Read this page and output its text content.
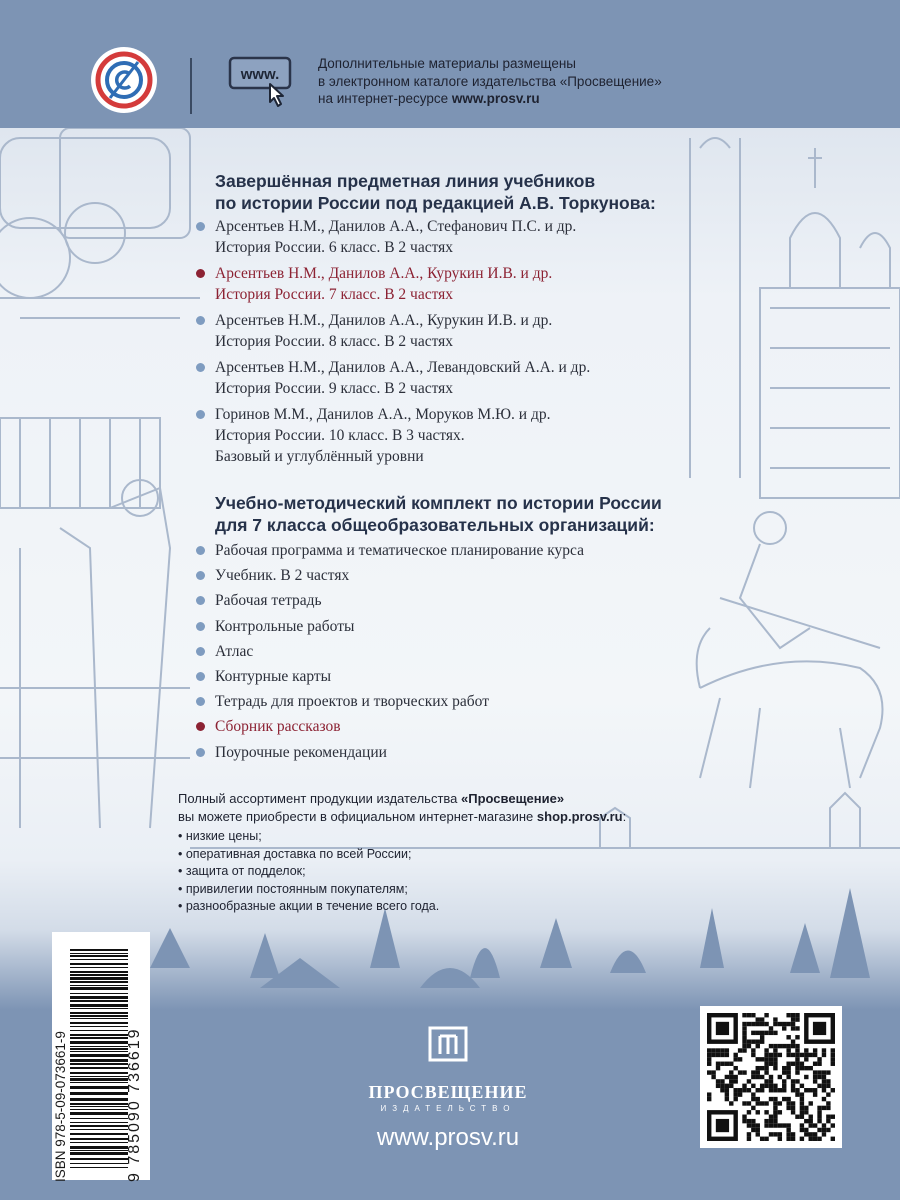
www.
Дополнительные материалы размещены
в электронном каталоге издательства «Просвещение»
на интернет-ресурсе www.prosv.ru
Завершённая предметная линия учебников
по истории России под редакцией А.В. Торкунова:
Арсентьев Н.М., Данилов А.А., Стефанович П.С. и др.
История России. 6 класс. В 2 частях
Арсентьев Н.М., Данилов А.А., Курукин И.В. и др.
История России. 7 класс. В 2 частях
Арсентьев Н.М., Данилов А.А., Курукин И.В. и др.
История России. 8 класс. В 2 частях
Арсентьев Н.М., Данилов А.А., Левандовский А.А. и др.
История России. 9 класс. В 2 частях
Горинов М.М., Данилов А.А., Моруков М.Ю. и др.
История России. 10 класс. В 3 частях.
Базовый и углублённый уровни
Учебно-методический комплект по истории России
для 7 класса общеобразовательных организаций:
Рабочая программа и тематическое планирование курса
Учебник. В 2 частях
Рабочая тетрадь
Контрольные работы
Атлас
Контурные карты
Тетрадь для проектов и творческих работ
Сборник рассказов
Поурочные рекомендации
Полный ассортимент продукции издательства «Просвещение»
вы можете приобрести в официальном интернет-магазине shop.prosv.ru:
• низкие цены;
• оперативная доставка по всей России;
• защита от подделок;
• привилегии постоянным покупателям;
• разнообразные акции в течение всего года.
ISBN 978-5-09-073661-9	9 785090 736619	ПРОСВЕЩЕНИЕ
ИЗДАТЕЛЬСТВО
www.prosv.ru
